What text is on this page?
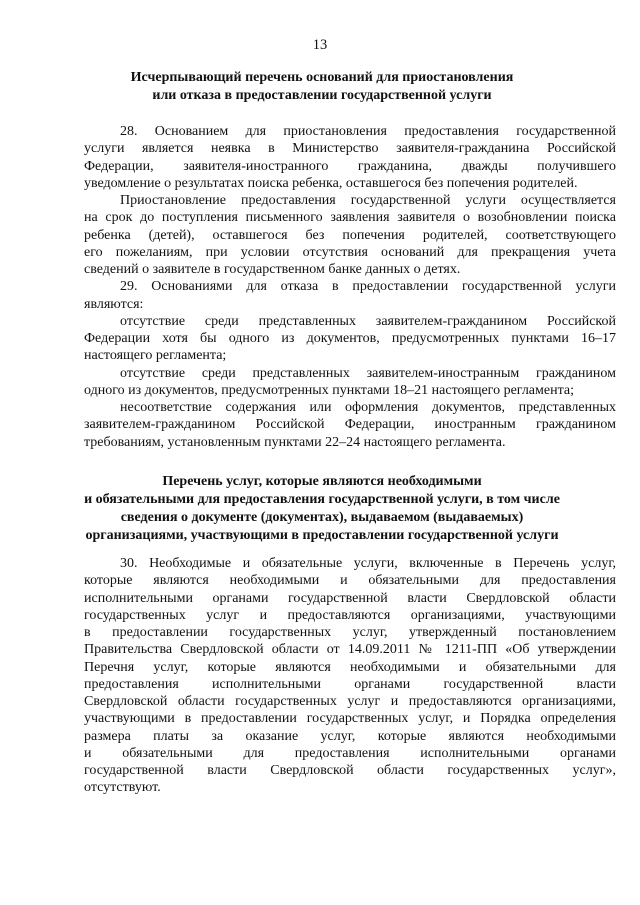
13
Исчерпывающий перечень оснований для приостановления
или отказа в предоставлении государственной услуги
28. Основанием для приостановления предоставления государственной
услуги является неявка в Министерство заявителя-гражданина Российской
Федерации, заявителя-иностранного гражданина, дважды получившего
уведомление о результатах поиска ребенка, оставшегося без попечения родителей.
Приостановление предоставления государственной услуги осуществляется
на срок до поступления письменного заявления заявителя о возобновлении поиска
ребенка (детей), оставшегося без попечения родителей, соответствующего
его пожеланиям, при условии отсутствия оснований для прекращения учета
сведений о заявителе в государственном банке данных о детях.
29. Основаниями для отказа в предоставлении государственной услуги
являются:
отсутствие среди представленных заявителем-гражданином Российской
Федерации хотя бы одного из документов, предусмотренных пунктами 16–17
настоящего регламента;
отсутствие среди представленных заявителем-иностранным гражданином
одного из документов, предусмотренных пунктами 18–21 настоящего регламента;
несоответствие содержания или оформления документов, представленных
заявителем-гражданином Российской Федерации, иностранным гражданином
требованиям, установленным пунктами 22–24 настоящего регламента.
Перечень услуг, которые являются необходимыми
и обязательными для предоставления государственной услуги, в том числе
сведения о документе (документах), выдаваемом (выдаваемых)
организациями, участвующими в предоставлении государственной услуги
30. Необходимые и обязательные услуги, включенные в Перечень услуг,
которые являются необходимыми и обязательными для предоставления
исполнительными органами государственной власти Свердловской области
государственных услуг и предоставляются организациями, участвующими
в предоставлении государственных услуг, утвержденный постановлением
Правительства Свердловской области от 14.09.2011 № 1211-ПП «Об утверждении
Перечня услуг, которые являются необходимыми и обязательными для
предоставления исполнительными органами государственной власти
Свердловской области государственных услуг и предоставляются организациями,
участвующими в предоставлении государственных услуг, и Порядка определения
размера платы за оказание услуг, которые являются необходимыми
и обязательными для предоставления исполнительными органами
государственной власти Свердловской области государственных услуг»,
отсутствуют.
